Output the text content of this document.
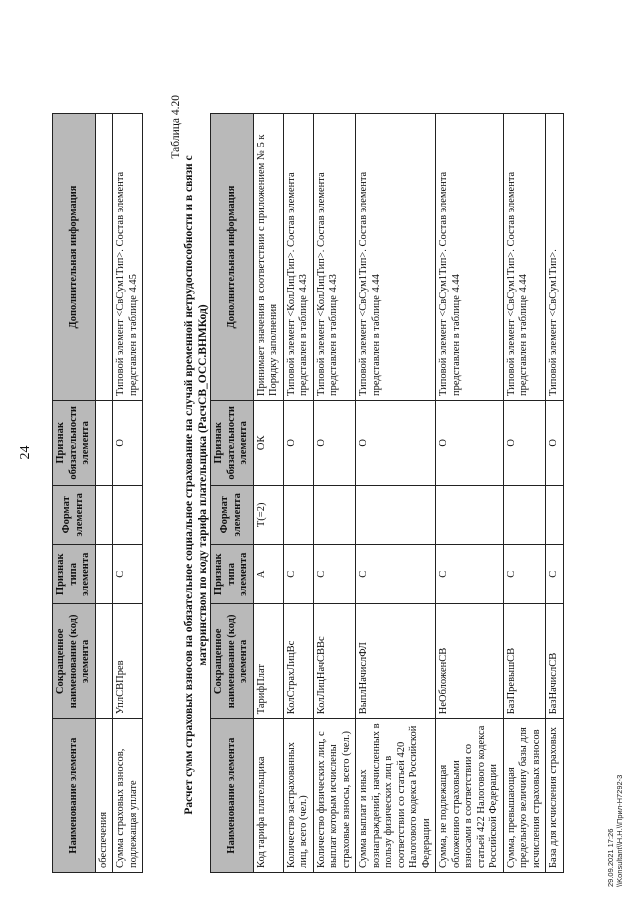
24
Наименование элемента	Сокращенное наименование (код) элемента	Признак типа элемента	Формат элемента	Признак обязательности элемента	Дополнительная информация
обеспечения					
Сумма страховых взносов, подлежащая уплате	УплСВПрев	С		О	Типовой элемент <СвСум1Тип>. Состав элемента представлен в таблице 4.45
Таблица 4.20
Расчет сумм страховых взносов на обязательное социальное страхование на случай временной нетрудоспособности и в связи с материнством по коду тарифа плательщика (РасчСВ_ОСС.ВНМКод)
Наименование элемента	Сокращенное наименование (код) элемента	Признак типа элемента	Формат элемента	Признак обязательности элемента	Дополнительная информация
Код тарифа плательщика	ТарифПлат	А	T(=2)	ОК	Принимает значения в соответствии с приложением № 5 к Порядку заполнения
Количество застрахованных лиц, всего (чел.)	КолСтрахЛицВс	С		О	Типовой элемент <КолЛицТип>. Состав элемента представлен в таблице 4.43
Количество физических лиц, с выплат которым исчислены страховые взносы, всего (чел.)	КолЛицНачСВВс	С		О	Типовой элемент <КолЛицТип>. Состав элемента представлен в таблице 4.43
Сумма выплат и иных вознаграждений, начисленных в пользу физических лиц в соответствии со статьей 420 Налогового кодекса Российской Федерации	ВыплНачислФЛ	С		О	Типовой элемент <СвСум1Тип>. Состав элемента представлен в таблице 4.44
Сумма, не подлежащая обложению страховыми взносами в соответствии со статьей 422 Налогового кодекса Российской Федерации	НеОбложенСВ	С		О	Типовой элемент <СвСум1Тип>. Состав элемента представлен в таблице 4.44
Сумма, превышающая предельную величину базы для исчисления страховых взносов	БазПревышСВ	С		О	Типовой элемент <СвСум1Тип>. Состав элемента представлен в таблице 4.44
База для исчисления страховых	БазНачислСВ	С		О	Типовой элемент <СвСум1Тип>.
29.09.2021 17:26 \\Konsultant\\Н.Н.\\Прил-Н7292-3
